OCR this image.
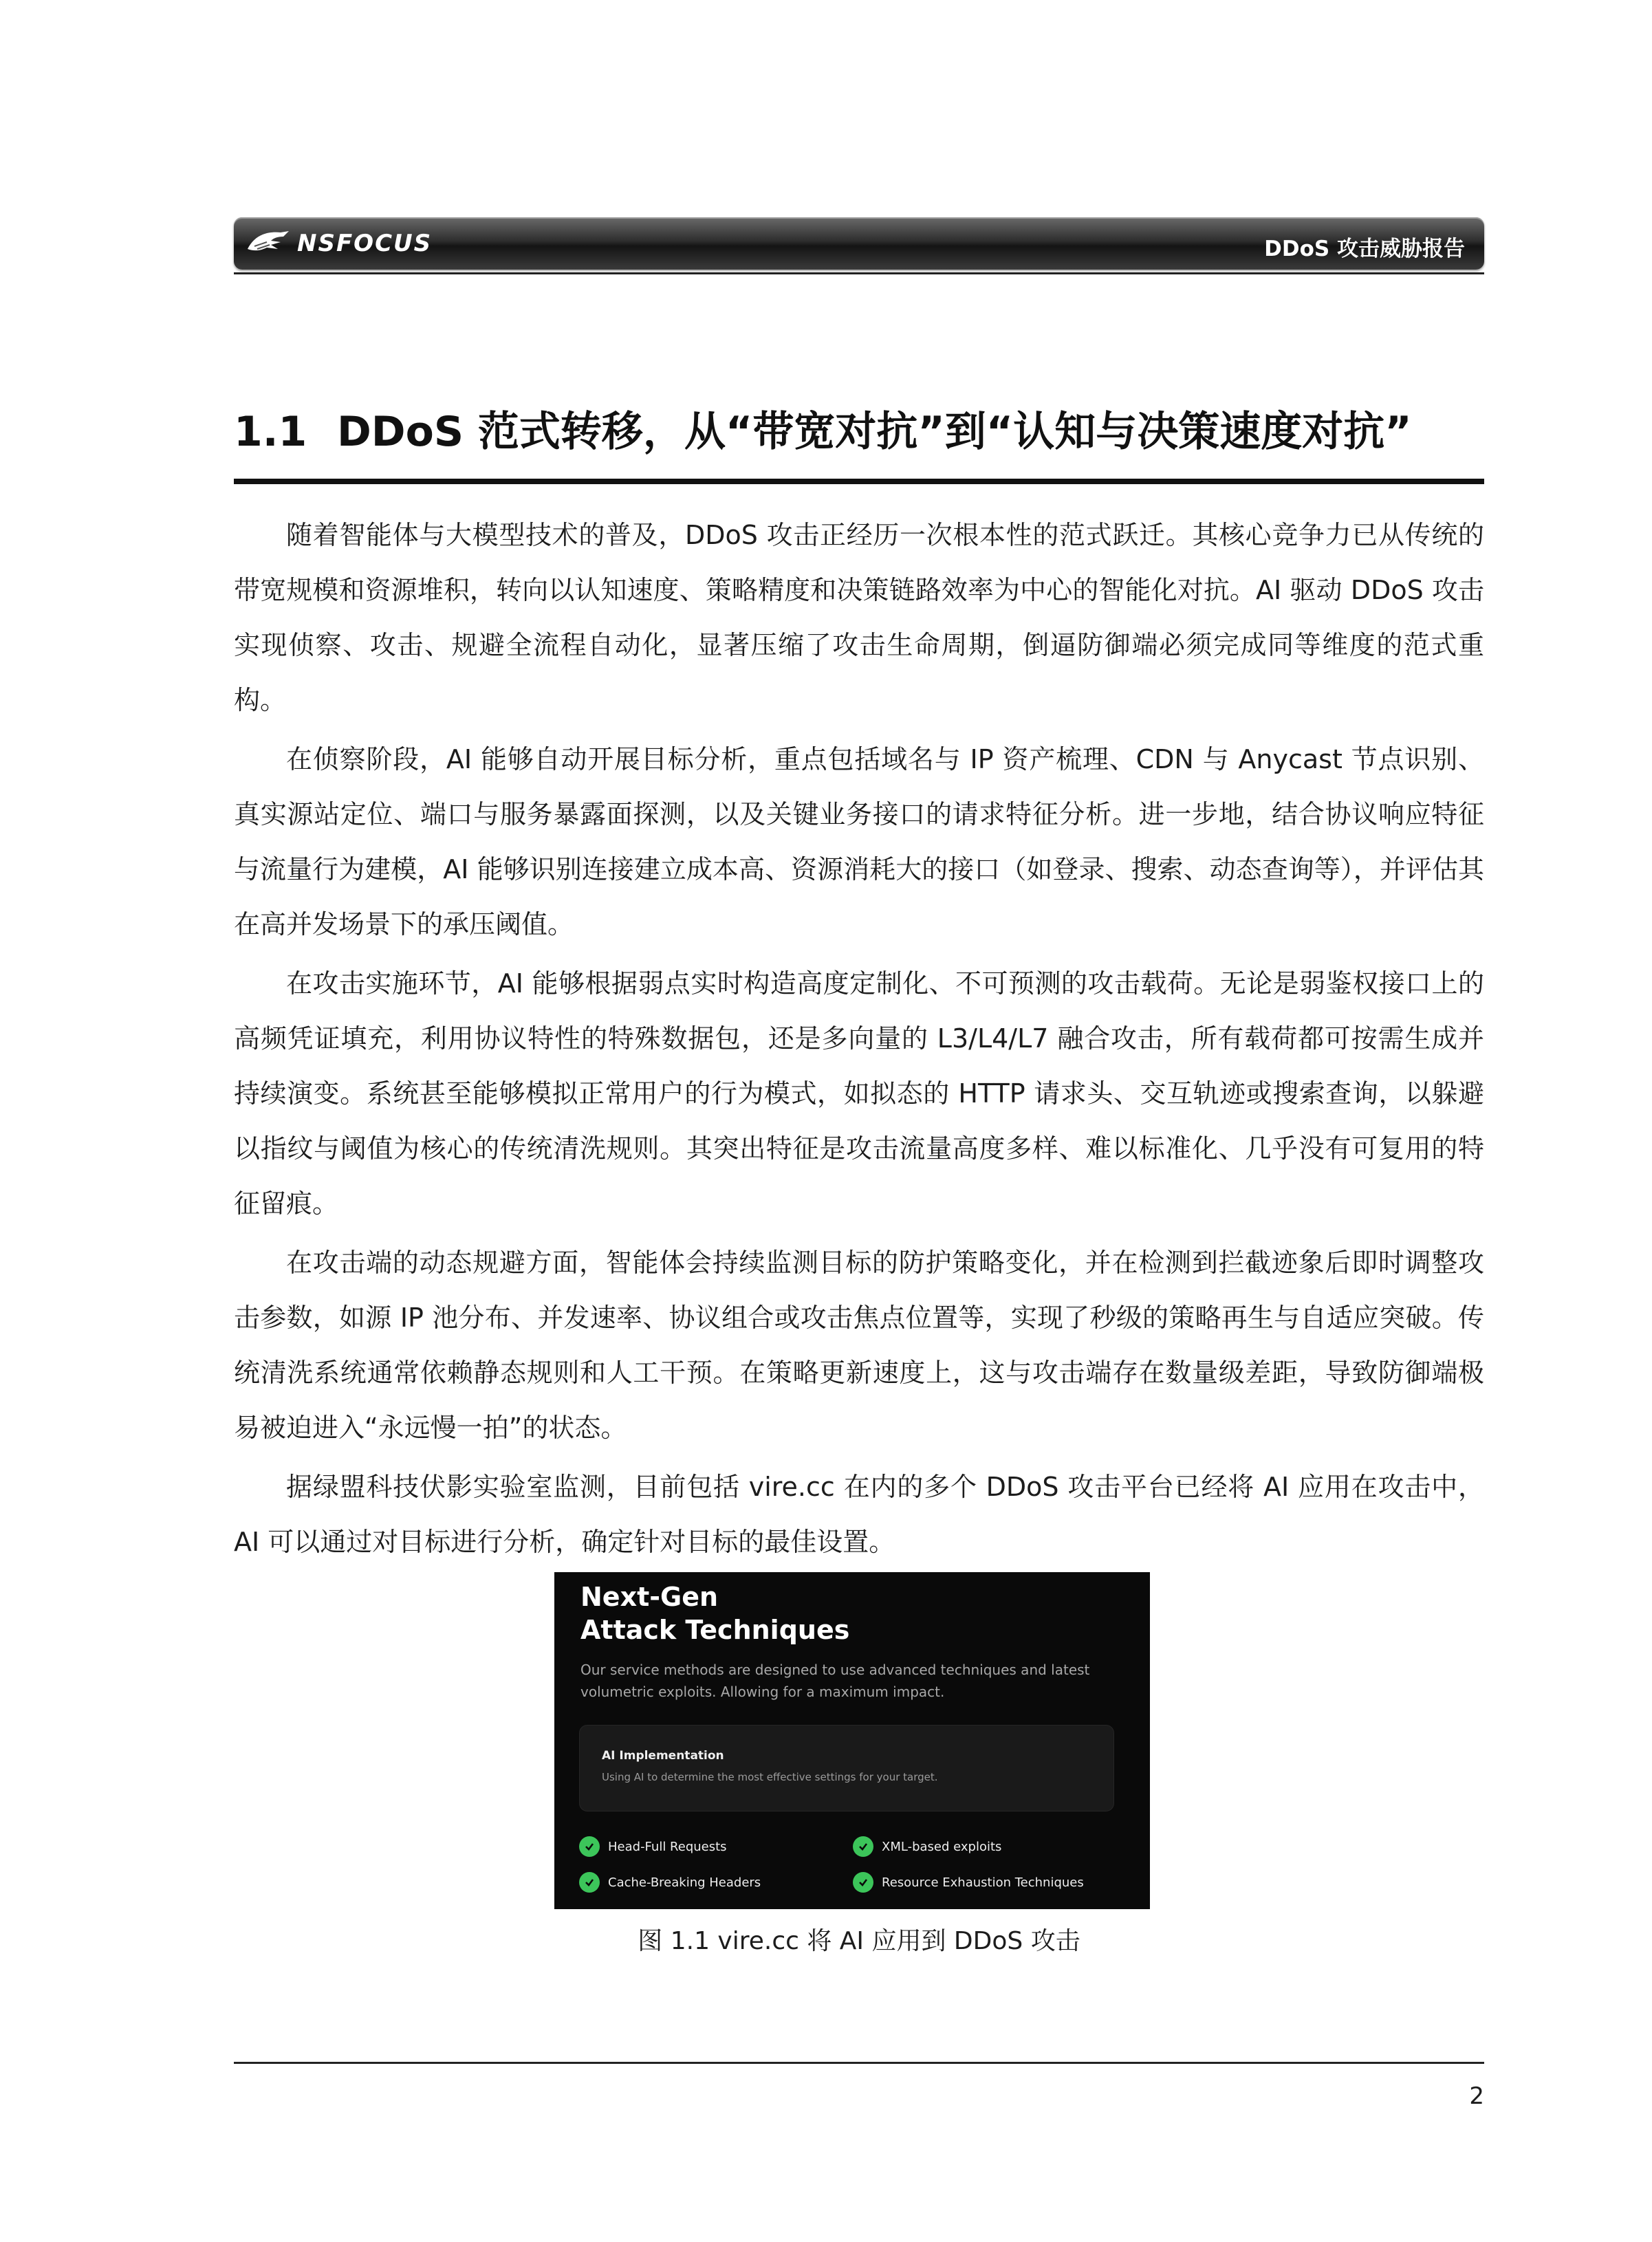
NSFOCUS	DDoS 攻击威胁报告
1.1 DDoS 范式转移，从“带宽对抗”到“认知与决策速度对抗”

随着智能体与大模型技术的普及，DDoS 攻击正经历一次根本性的范式跃迁。其核心竞争力已从传统的带宽规模和资源堆积，转向以认知速度、策略精度和决策链路效率为中心的智能化对抗。AI 驱动 DDoS 攻击实现侦察、攻击、规避全流程自动化，显著压缩了攻击生命周期，倒逼防御端必须完成同等维度的范式重构。

在侦察阶段，AI 能够自动开展目标分析，重点包括域名与 IP 资产梳理、CDN 与 Anycast 节点识别、真实源站定位、端口与服务暴露面探测，以及关键业务接口的请求特征分析。进一步地，结合协议响应特征与流量行为建模，AI 能够识别连接建立成本高、资源消耗大的接口（如登录、搜索、动态查询等），并评估其在高并发场景下的承压阈值。

在攻击实施环节，AI 能够根据弱点实时构造高度定制化、不可预测的攻击载荷。无论是弱鉴权接口上的高频凭证填充，利用协议特性的特殊数据包，还是多向量的 L3/L4/L7 融合攻击，所有载荷都可按需生成并持续演变。系统甚至能够模拟正常用户的行为模式，如拟态的 HTTP 请求头、交互轨迹或搜索查询，以躲避以指纹与阈值为核心的传统清洗规则。其突出特征是攻击流量高度多样、难以标准化、几乎没有可复用的特征留痕。

在攻击端的动态规避方面，智能体会持续监测目标的防护策略变化，并在检测到拦截迹象后即时调整攻击参数，如源 IP 池分布、并发速率、协议组合或攻击焦点位置等，实现了秒级的策略再生与自适应突破。传统清洗系统通常依赖静态规则和人工干预。在策略更新速度上，这与攻击端存在数量级差距，导致防御端极易被迫进入“永远慢一拍”的状态。

据绿盟科技伏影实验室监测，目前包括 vire.cc 在内的多个 DDoS 攻击平台已经将 AI 应用在攻击中，AI 可以通过对目标进行分析，确定针对目标的最佳设置。

Next-Gen
Attack Techniques
Our service methods are designed to use advanced techniques and latest volumetric exploits. Allowing for a maximum impact.
AI Implementation
Using AI to determine the most effective settings for your target.
Head-Full Requests	XML-based exploits
Cache-Breaking Headers	Resource Exhaustion Techniques
图 1.1 vire.cc 将 AI 应用到 DDoS 攻击
2
